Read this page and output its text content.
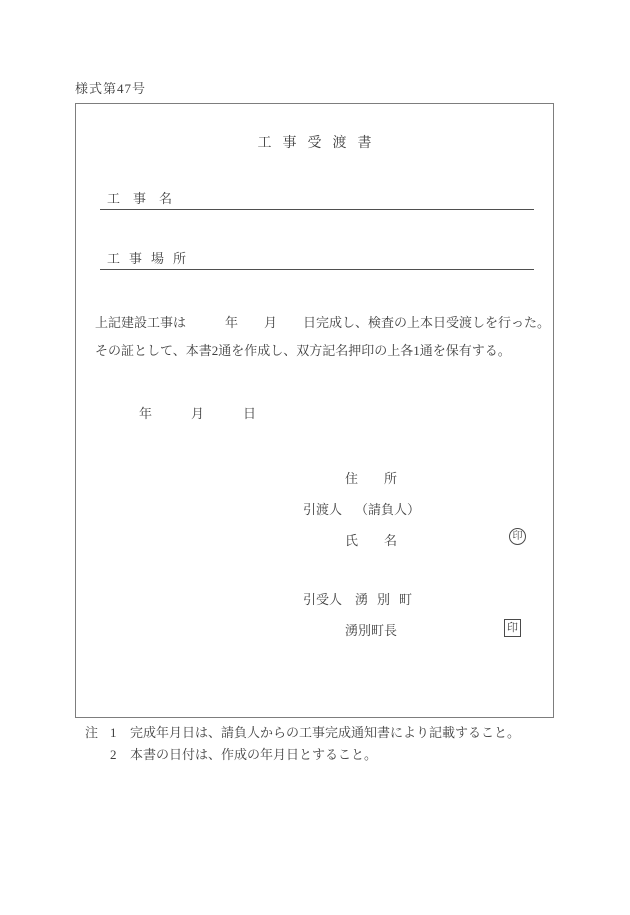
様式第47号
工事受渡書
工事名
工事場所
上記建設工事は　　　年　　月　　日完成し、検査の上本日受渡しを行った。
その証として、本書2通を作成し、双方記名押印の上各1通を保有する。
年　　　月　　　日
住　　所
引渡人 （請負人）
氏　　名	印
引受人 湧別町
湧別町長	印
注 1	完成年月日は、請負人からの工事完成通知書により記載すること。
2	本書の日付は、作成の年月日とすること。
